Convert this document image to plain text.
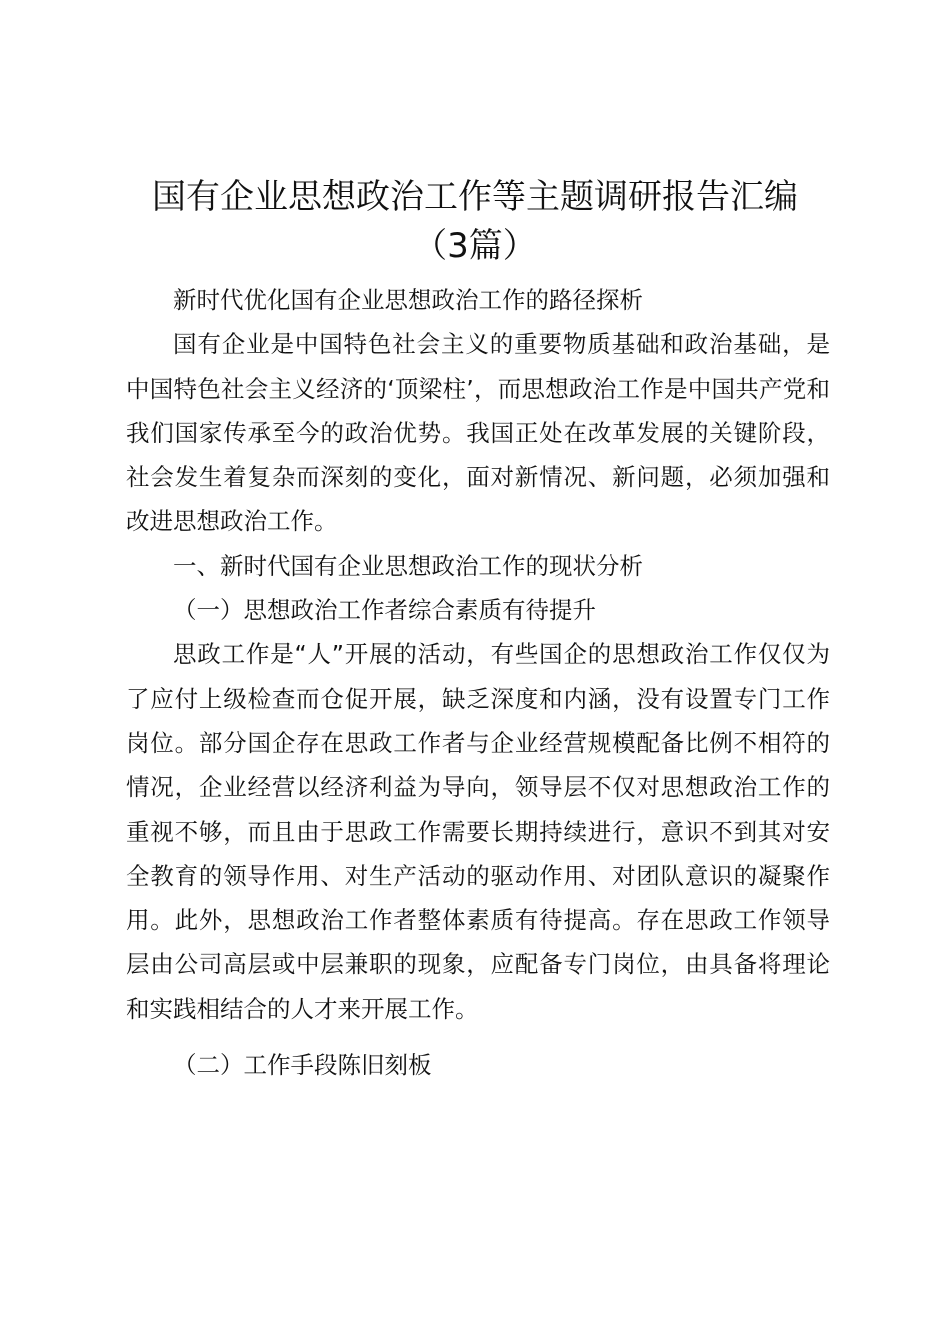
国有企业思想政治工作等主题调研报告汇编
（3篇）

新时代优化国有企业思想政治工作的路径探析

国有企业是中国特色社会主义的重要物质基础和政治基础，是中国特色社会主义经济的‘顶梁柱’，而思想政治工作是中国共产党和我们国家传承至今的政治优势。我国正处在改革发展的关键阶段，社会发生着复杂而深刻的变化，面对新情况、新问题，必须加强和改进思想政治工作。

一、新时代国有企业思想政治工作的现状分析

（一）思想政治工作者综合素质有待提升

思政工作是“人”开展的活动，有些国企的思想政治工作仅仅为了应付上级检查而仓促开展，缺乏深度和内涵，没有设置专门工作岗位。部分国企存在思政工作者与企业经营规模配备比例不相符的情况，企业经营以经济利益为导向，领导层不仅对思想政治工作的重视不够，而且由于思政工作需要长期持续进行，意识不到其对安全教育的领导作用、对生产活动的驱动作用、对团队意识的凝聚作用。此外，思想政治工作者整体素质有待提高。存在思政工作领导层由公司高层或中层兼职的现象，应配备专门岗位，由具备将理论和实践相结合的人才来开展工作。

（二）工作手段陈旧刻板
